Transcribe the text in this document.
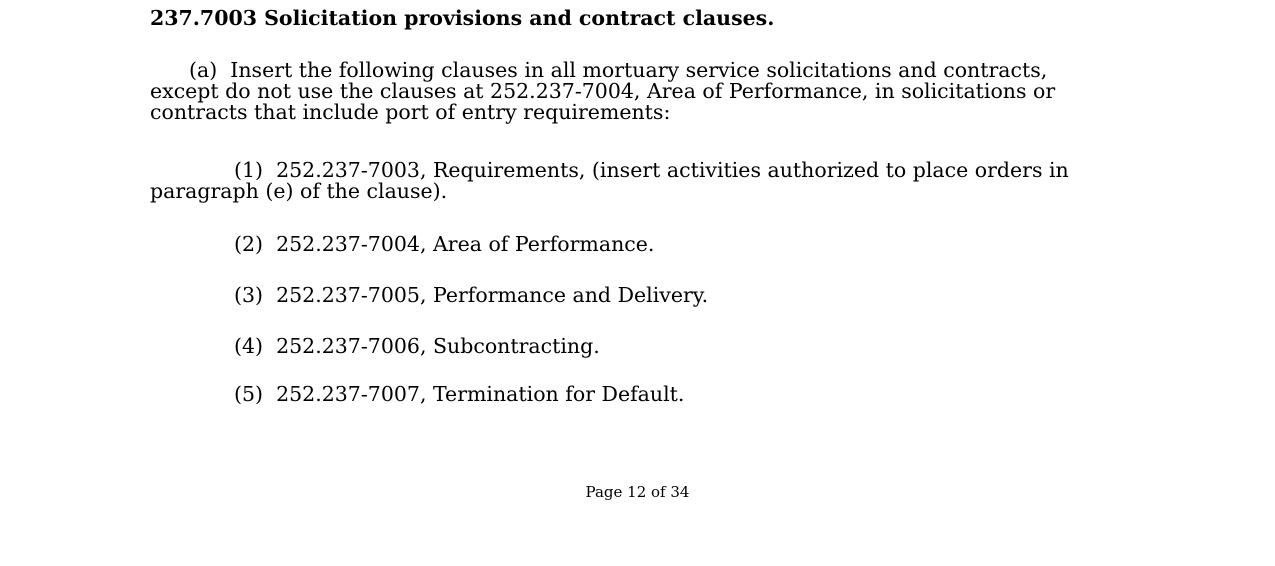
237.7003 Solicitation provisions and contract clauses.
(a)  Insert the following clauses in all mortuary service solicitations and contracts,
except do not use the clauses at 252.237-7004, Area of Performance, in solicitations or
contracts that include port of entry requirements:
(1)  252.237-7003, Requirements, (insert activities authorized to place orders in
paragraph (e) of the clause).
(2)  252.237-7004, Area of Performance.
(3)  252.237-7005, Performance and Delivery.
(4)  252.237-7006, Subcontracting.
(5)  252.237-7007, Termination for Default.
Page 12 of 34
